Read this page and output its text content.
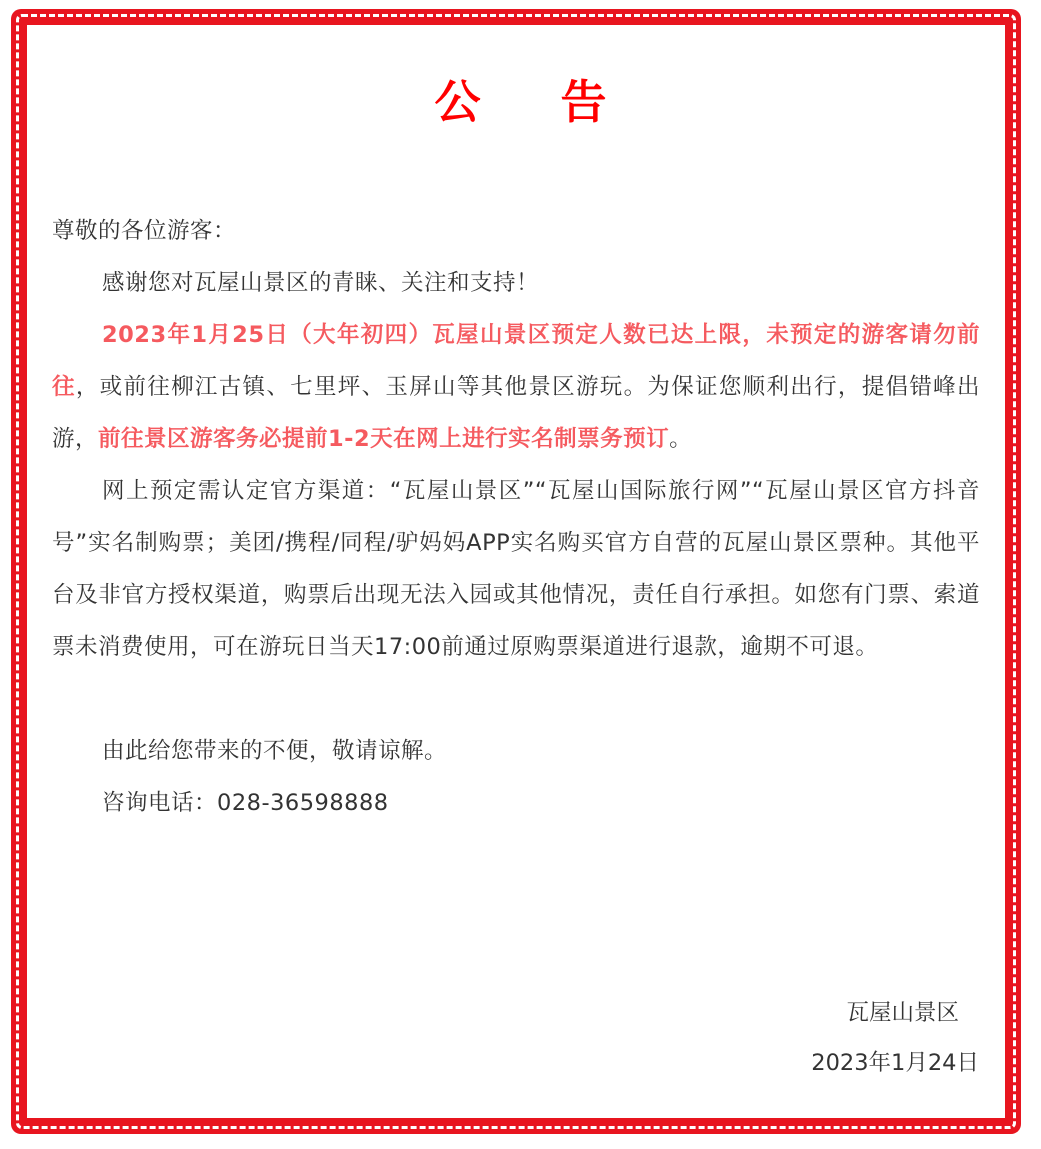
公 告

尊敬的各位游客：

感谢您对瓦屋山景区的青睐、关注和支持！

2023年1月25日（大年初四）瓦屋山景区预定人数已达上限，未预定的游客请勿前往，或前往柳江古镇、七里坪、玉屏山等其他景区游玩。为保证您顺利出行，提倡错峰出游，前往景区游客务必提前1-2天在网上进行实名制票务预订。

网上预定需认定官方渠道：“瓦屋山景区”“瓦屋山国际旅行网”“瓦屋山景区官方抖音号”实名制购票；美团/携程/同程/驴妈妈APP实名购买官方自营的瓦屋山景区票种。其他平台及非官方授权渠道，购票后出现无法入园或其他情况，责任自行承担。如您有门票、索道票未消费使用，可在游玩日当天17:00前通过原购票渠道进行退款，逾期不可退。

由此给您带来的不便，敬请谅解。

咨询电话：028-36598888

瓦屋山景区
2023年1月24日
